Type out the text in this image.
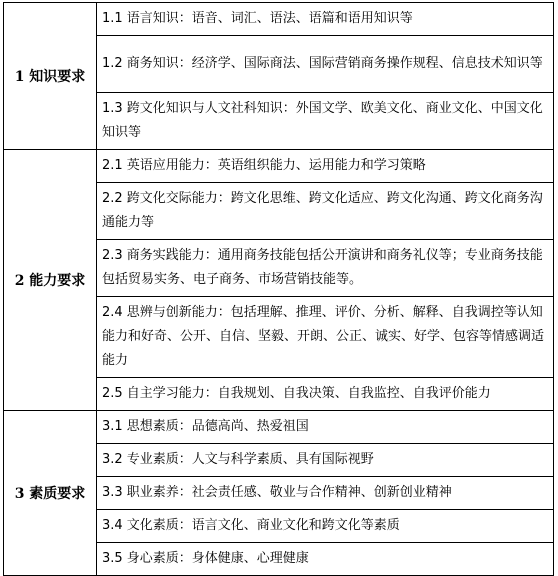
1 知识要求	1.1 语言知识：语音、词汇、语法、语篇和语用知识等
	1.2 商务知识：经济学、国际商法、国际营销商务操作规程、信息技术知识等
	1.3 跨文化知识与人文社科知识：外国文学、欧美文化、商业文化、中国文化知识等
2 能力要求	2.1 英语应用能力：英语组织能力、运用能力和学习策略
	2.2 跨文化交际能力：跨文化思维、跨文化适应、跨文化沟通、跨文化商务沟通能力等
	2.3 商务实践能力：通用商务技能包括公开演讲和商务礼仪等；专业商务技能包括贸易实务、电子商务、市场营销技能等。
	2.4 思辨与创新能力：包括理解、推理、评价、分析、解释、自我调控等认知能力和好奇、公开、自信、坚毅、开朗、公正、诚实、好学、包容等情感调适能力
	2.5 自主学习能力：自我规划、自我决策、自我监控、自我评价能力
3 素质要求	3.1 思想素质：品德高尚、热爱祖国
	3.2 专业素质：人文与科学素质、具有国际视野
	3.3 职业素养：社会责任感、敬业与合作精神、创新创业精神
	3.4 文化素质：语言文化、商业文化和跨文化等素质
	3.5 身心素质：身体健康、心理健康
